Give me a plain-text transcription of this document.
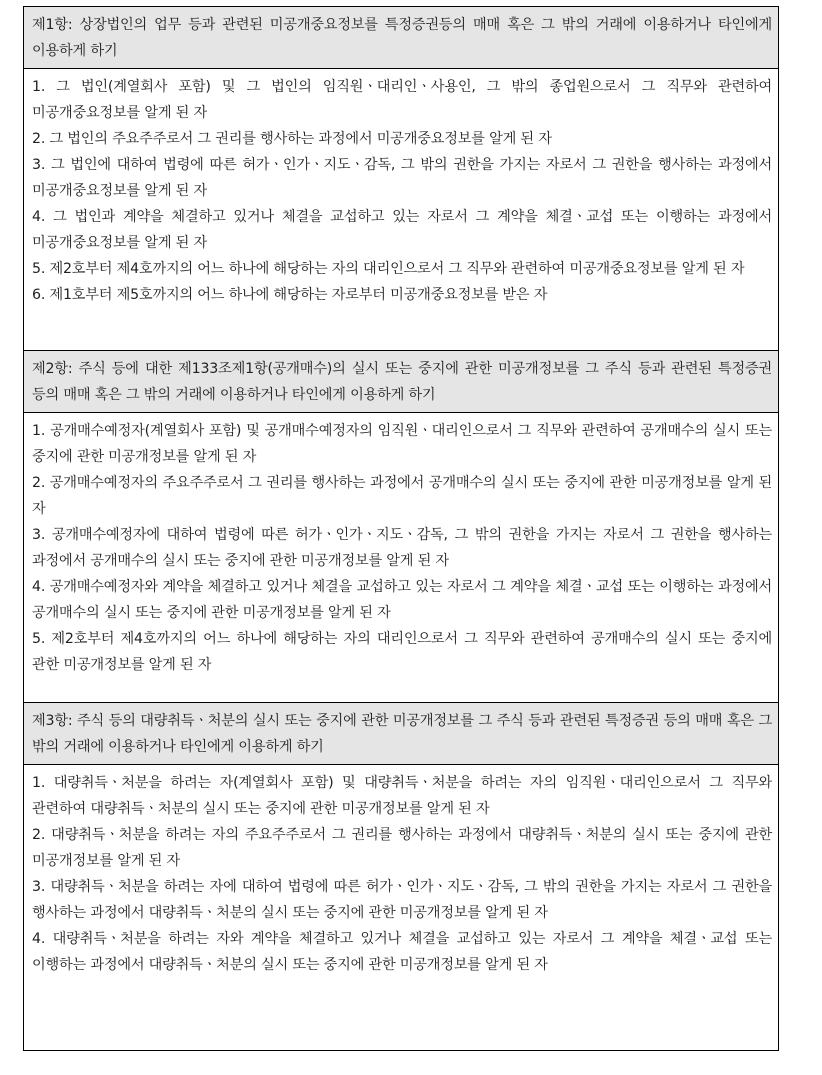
제1항: 상장법인의 업무 등과 관련된 미공개중요정보를 특정증권등의 매매 혹은 그 밖의 거래에 이용하거나 타인에게 이용하게 하기

1. 그 법인(계열회사 포함) 및 그 법인의 임직원ㆍ대리인ㆍ사용인, 그 밖의 종업원으로서 그 직무와 관련하여 미공개중요정보를 알게 된 자
2. 그 법인의 주요주주로서 그 권리를 행사하는 과정에서 미공개중요정보를 알게 된 자
3. 그 법인에 대하여 법령에 따른 허가ㆍ인가ㆍ지도ㆍ감독, 그 밖의 권한을 가지는 자로서 그 권한을 행사하는 과정에서 미공개중요정보를 알게 된 자
4. 그 법인과 계약을 체결하고 있거나 체결을 교섭하고 있는 자로서 그 계약을 체결ㆍ교섭 또는 이행하는 과정에서 미공개중요정보를 알게 된 자
5. 제2호부터 제4호까지의 어느 하나에 해당하는 자의 대리인으로서 그 직무와 관련하여 미공개중요정보를 알게 된 자
6. 제1호부터 제5호까지의 어느 하나에 해당하는 자로부터 미공개중요정보를 받은 자

제2항: 주식 등에 대한 제133조제1항(공개매수)의 실시 또는 중지에 관한 미공개정보를 그 주식 등과 관련된 특정증권 등의 매매 혹은 그 밖의 거래에 이용하거나 타인에게 이용하게 하기

1. 공개매수예정자(계열회사 포함) 및 공개매수예정자의 임직원ㆍ대리인으로서 그 직무와 관련하여 공개매수의 실시 또는 중지에 관한 미공개정보를 알게 된 자
2. 공개매수예정자의 주요주주로서 그 권리를 행사하는 과정에서 공개매수의 실시 또는 중지에 관한 미공개정보를 알게 된 자
3. 공개매수예정자에 대하여 법령에 따른 허가ㆍ인가ㆍ지도ㆍ감독, 그 밖의 권한을 가지는 자로서 그 권한을 행사하는 과정에서 공개매수의 실시 또는 중지에 관한 미공개정보를 알게 된 자
4. 공개매수예정자와 계약을 체결하고 있거나 체결을 교섭하고 있는 자로서 그 계약을 체결ㆍ교섭 또는 이행하는 과정에서 공개매수의 실시 또는 중지에 관한 미공개정보를 알게 된 자
5. 제2호부터 제4호까지의 어느 하나에 해당하는 자의 대리인으로서 그 직무와 관련하여 공개매수의 실시 또는 중지에 관한 미공개정보를 알게 된 자

제3항: 주식 등의 대량취득ㆍ처분의 실시 또는 중지에 관한 미공개정보를 그 주식 등과 관련된 특정증권 등의 매매 혹은 그 밖의 거래에 이용하거나 타인에게 이용하게 하기

1. 대량취득ㆍ처분을 하려는 자(계열회사 포함) 및 대량취득ㆍ처분을 하려는 자의 임직원ㆍ대리인으로서 그 직무와 관련하여 대량취득ㆍ처분의 실시 또는 중지에 관한 미공개정보를 알게 된 자
2. 대량취득ㆍ처분을 하려는 자의 주요주주로서 그 권리를 행사하는 과정에서 대량취득ㆍ처분의 실시 또는 중지에 관한 미공개정보를 알게 된 자
3. 대량취득ㆍ처분을 하려는 자에 대하여 법령에 따른 허가ㆍ인가ㆍ지도ㆍ감독, 그 밖의 권한을 가지는 자로서 그 권한을 행사하는 과정에서 대량취득ㆍ처분의 실시 또는 중지에 관한 미공개정보를 알게 된 자
4. 대량취득ㆍ처분을 하려는 자와 계약을 체결하고 있거나 체결을 교섭하고 있는 자로서 그 계약을 체결ㆍ교섭 또는 이행하는 과정에서 대량취득ㆍ처분의 실시 또는 중지에 관한 미공개정보를 알게 된 자
